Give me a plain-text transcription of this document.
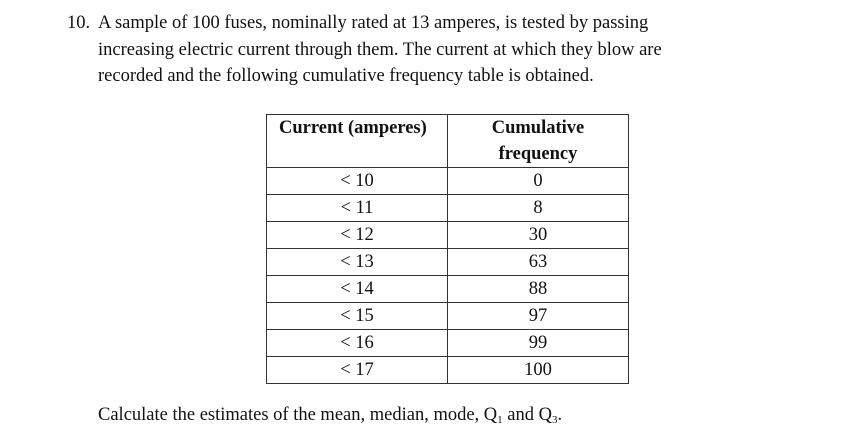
10. A sample of 100 fuses, nominally rated at 13 amperes, is tested by passing
increasing electric current through them. The current at which they blow are
recorded and the following cumulative frequency table is obtained.
Current (amperes)	Cumulative
frequency
< 10	0
< 11	8
< 12	30
< 13	63
< 14	88
< 15	97
< 16	99
< 17	100
Calculate the estimates of the mean, median, mode, $Q_1$ and $Q_3$.
